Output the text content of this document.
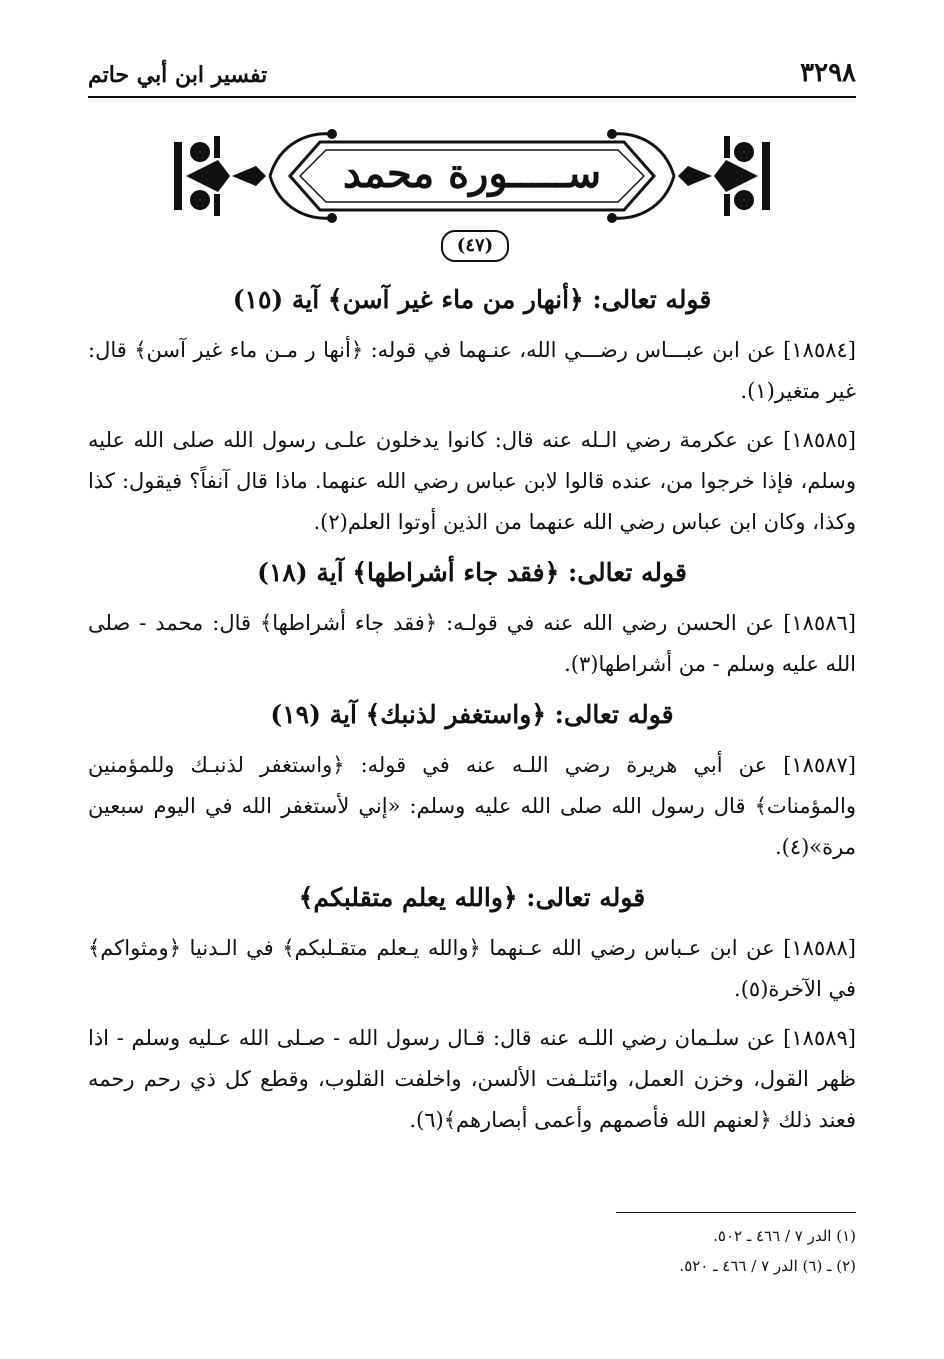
٣٢٩٨
تفسير ابن أبي حاتم
ســـــورة محمد
(٤٧)
قوله تعالى: ﴿أنهار من ماء غير آسن﴾ آية (١٥)

[١٨٥٨٤] عن ابن عبـــاس رضـــي الله، عنـهما في قوله: ﴿أنها ر مـن ماء غير آسن﴾ قال: غير متغير(١).

[١٨٥٨٥] عن عكرمة رضي الـله عنه قال: كانوا يدخلون علـى رسول الله صلى الله عليه وسلم، فإذا خرجوا من، عنده قالوا لابن عباس رضي الله عنهما. ماذا قال آنفاً؟ فيقول: كذا وكذا، وكان ابن عباس رضي الله عنهما من الذين أوتوا العلم(٢).

قوله تعالى: ﴿فقد جاء أشراطها﴾ آية (١٨)

[١٨٥٨٦] عن الحسن رضي الله عنه في قولـه: ﴿فقد جاء أشراطها﴾ قال: محمد - صلى الله عليه وسلم - من أشراطها(٣).

قوله تعالى: ﴿واستغفر لذنبك﴾ آية (١٩)

[١٨٥٨٧] عن أبي هريرة رضي اللـه عنه في قوله: ﴿واستغفر لذنبـك وللمؤمنين والمؤمنات﴾ قال رسول الله صلى الله عليه وسلم: «إني لأستغفر الله في اليوم سبعين مرة»(٤).

قوله تعالى: ﴿والله يعلم متقلبكم﴾

[١٨٥٨٨] عن ابن عـباس رضي الله عـنهما ﴿والله يـعلم متقـلبكم﴾ في الـدنيا ﴿ومثواكم﴾ في الآخرة(٥).

[١٨٥٨٩] عن سلـمان رضي اللـه عنه قال: قـال رسول الله - صـلى الله عـليه وسلم - اذا ظهر القول، وخزن العمل، وائتلـفت الألسن، واخلفت القلوب، وقطع كل ذي رحم رحمه فعند ذلك ﴿لعنهم الله فأصمهم وأعمى أبصارهم﴾(٦).

(١) الدر ٧ / ٤٦٦ ـ ٥٠٢.
(٢) ـ (٦) الدر ٧ / ٤٦٦ ـ ٥٢٠.
